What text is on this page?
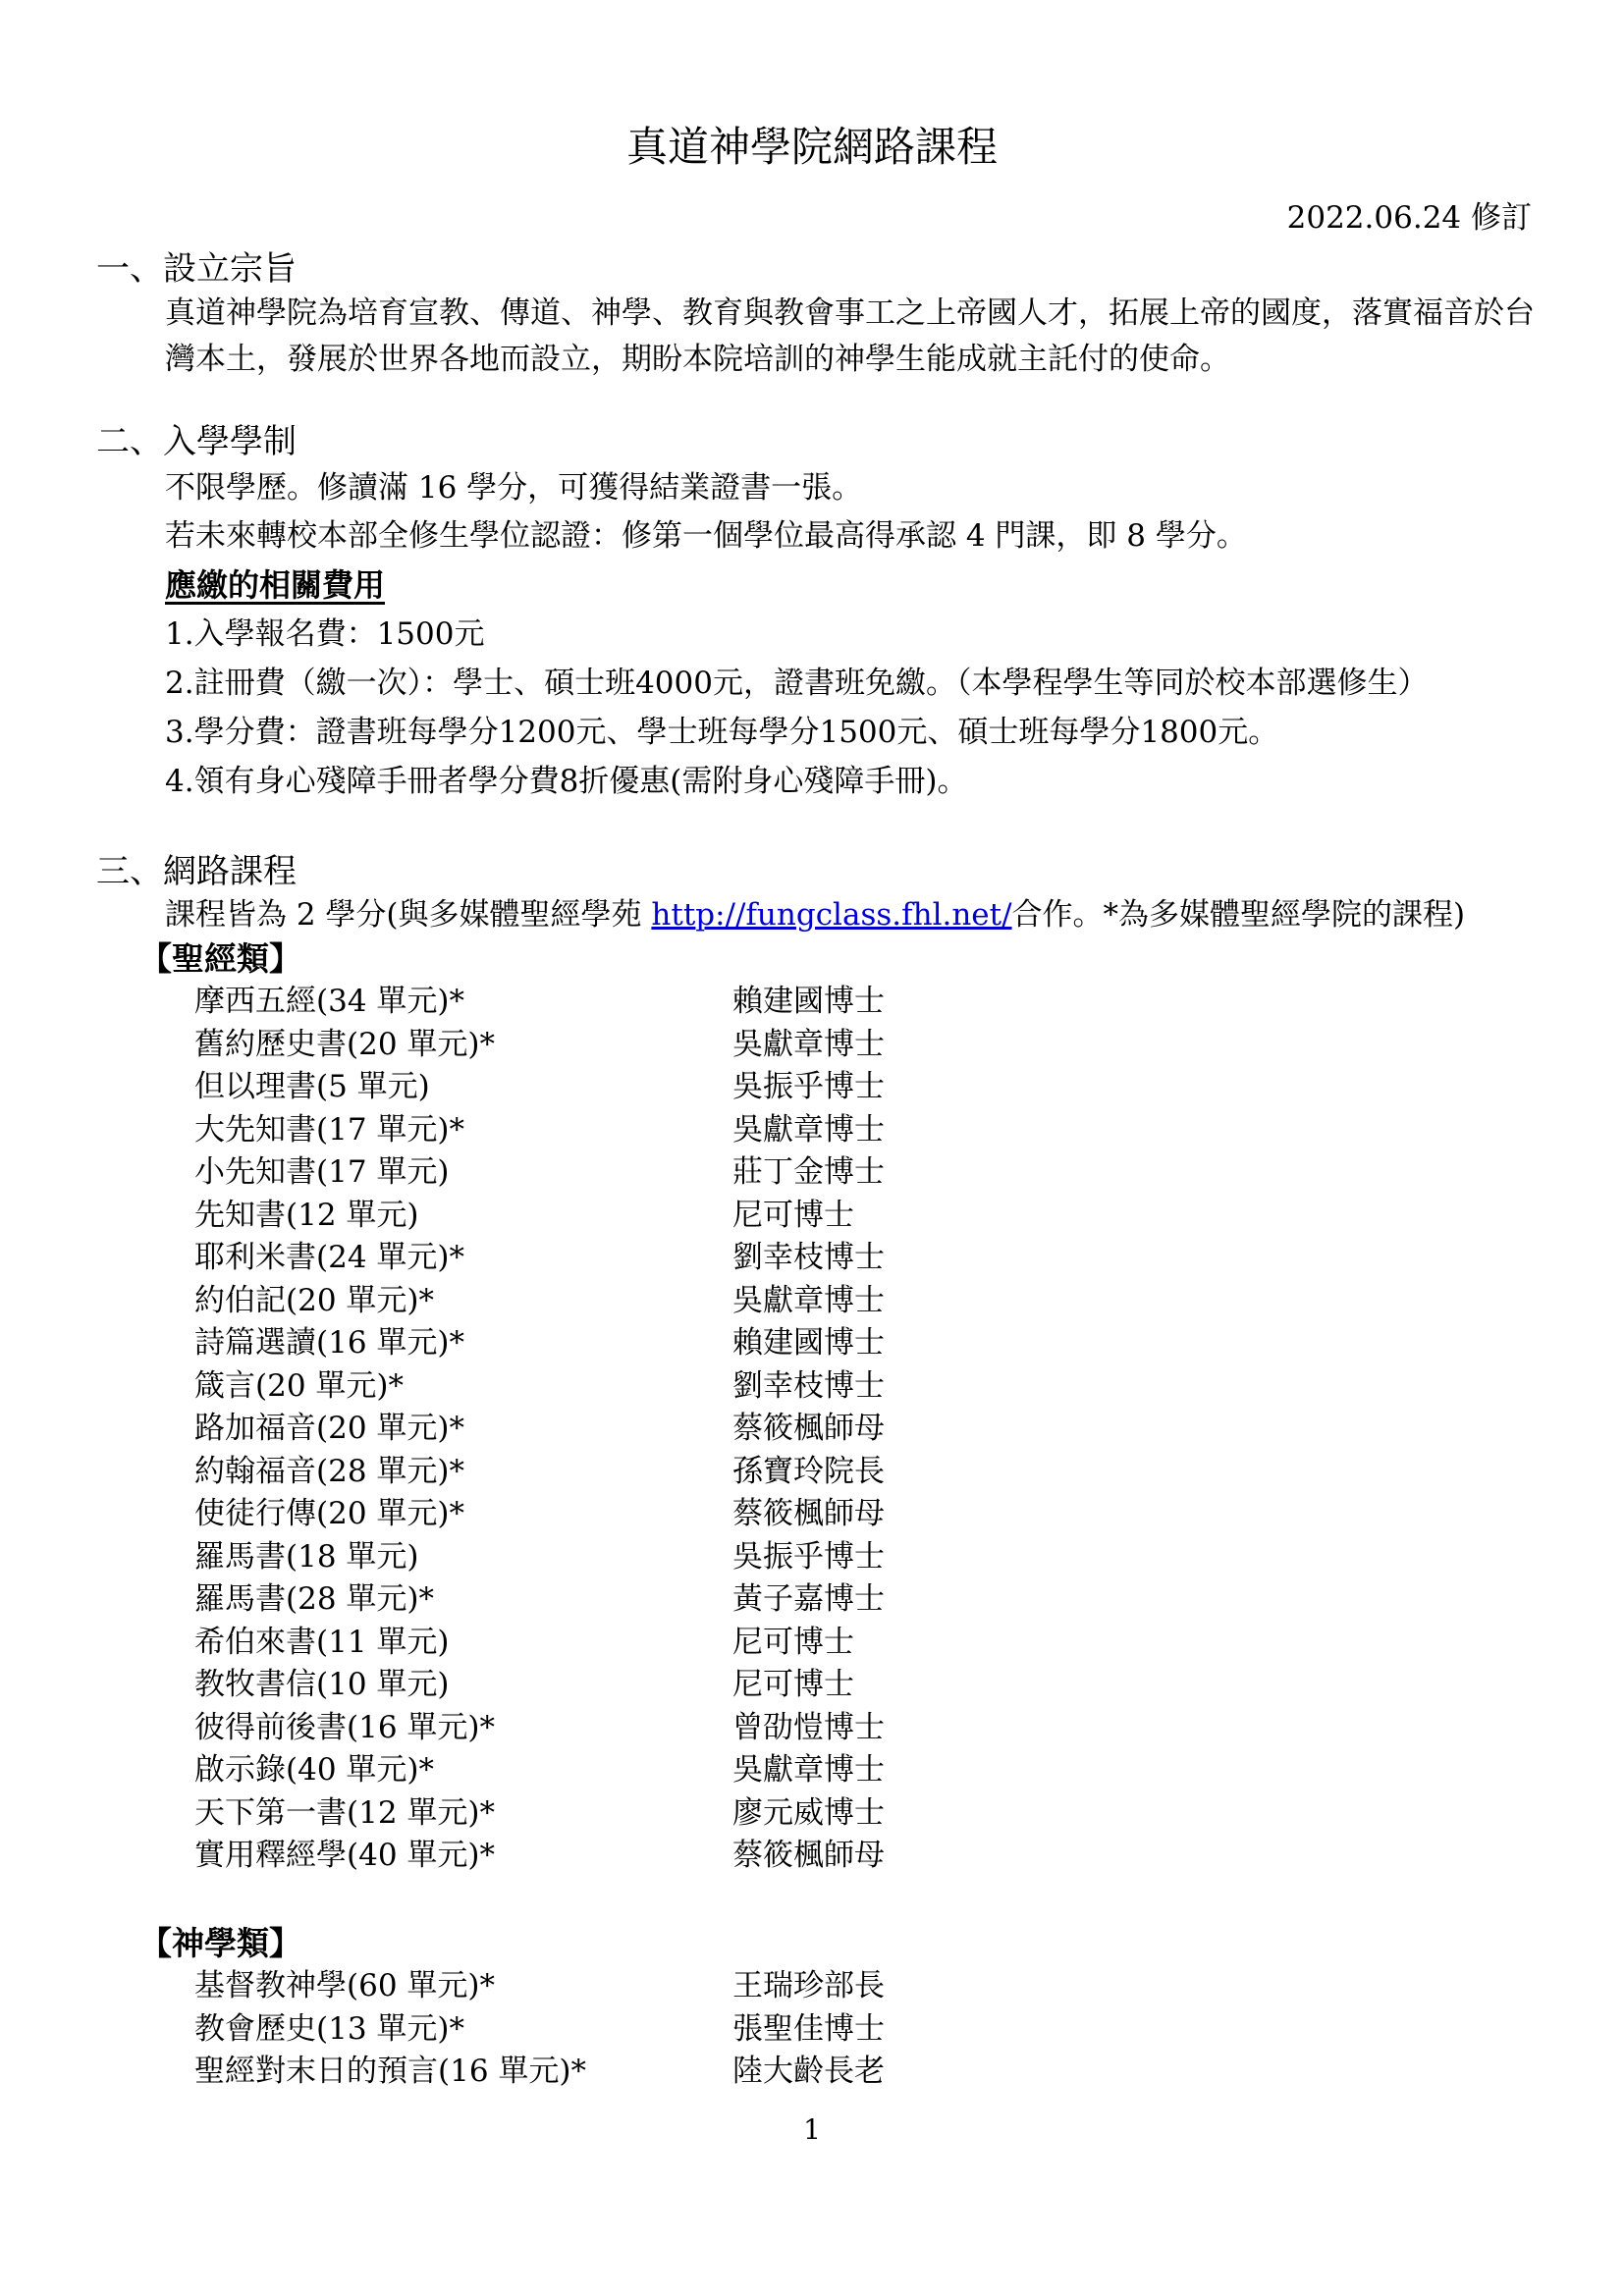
真道神學院網路課程
2022.06.24 修訂
一、設立宗旨
真道神學院為培育宣教、傳道、神學、教育與教會事工之上帝國人才，拓展上帝的國度，落實福音於台灣本土，發展於世界各地而設立，期盼本院培訓的神學生能成就主託付的使命。
二、入學學制
不限學歷。修讀滿 16 學分，可獲得結業證書一張。
若未來轉校本部全修生學位認證：修第一個學位最高得承認 4 門課，即 8 學分。
應繳的相關費用
1.入學報名費：1500元
2.註冊費（繳一次）：學士、碩士班4000元，證書班免繳。（本學程學生等同於校本部選修生）
3.學分費：證書班每學分1200元、學士班每學分1500元、碩士班每學分1800元。
4.領有身心殘障手冊者學分費8折優惠(需附身心殘障手冊)。
三、網路課程
課程皆為 2 學分(與多媒體聖經學苑 http://fungclass.fhl.net/合作。*為多媒體聖經學院的課程)
【聖經類】
摩西五經(34 單元)*	賴建國博士
舊約歷史書(20 單元)*	吳獻章博士
但以理書(5 單元)	吳振乎博士
大先知書(17 單元)*	吳獻章博士
小先知書(17 單元)	莊丁金博士
先知書(12 單元)	尼可博士
耶利米書(24 單元)*	劉幸枝博士
約伯記(20 單元)*	吳獻章博士
詩篇選讀(16 單元)*	賴建國博士
箴言(20 單元)*	劉幸枝博士
路加福音(20 單元)*	蔡筱楓師母
約翰福音(28 單元)*	孫寶玲院長
使徒行傳(20 單元)*	蔡筱楓師母
羅馬書(18 單元)	吳振乎博士
羅馬書(28 單元)*	黃子嘉博士
希伯來書(11 單元)	尼可博士
教牧書信(10 單元)	尼可博士
彼得前後書(16 單元)*	曾劭愷博士
啟示錄(40 單元)*	吳獻章博士
天下第一書(12 單元)*	廖元威博士
實用釋經學(40 單元)*	蔡筱楓師母
【神學類】
基督教神學(60 單元)*	王瑞珍部長
教會歷史(13 單元)*	張聖佳博士
聖經對末日的預言(16 單元)*	陸大齡長老
1
